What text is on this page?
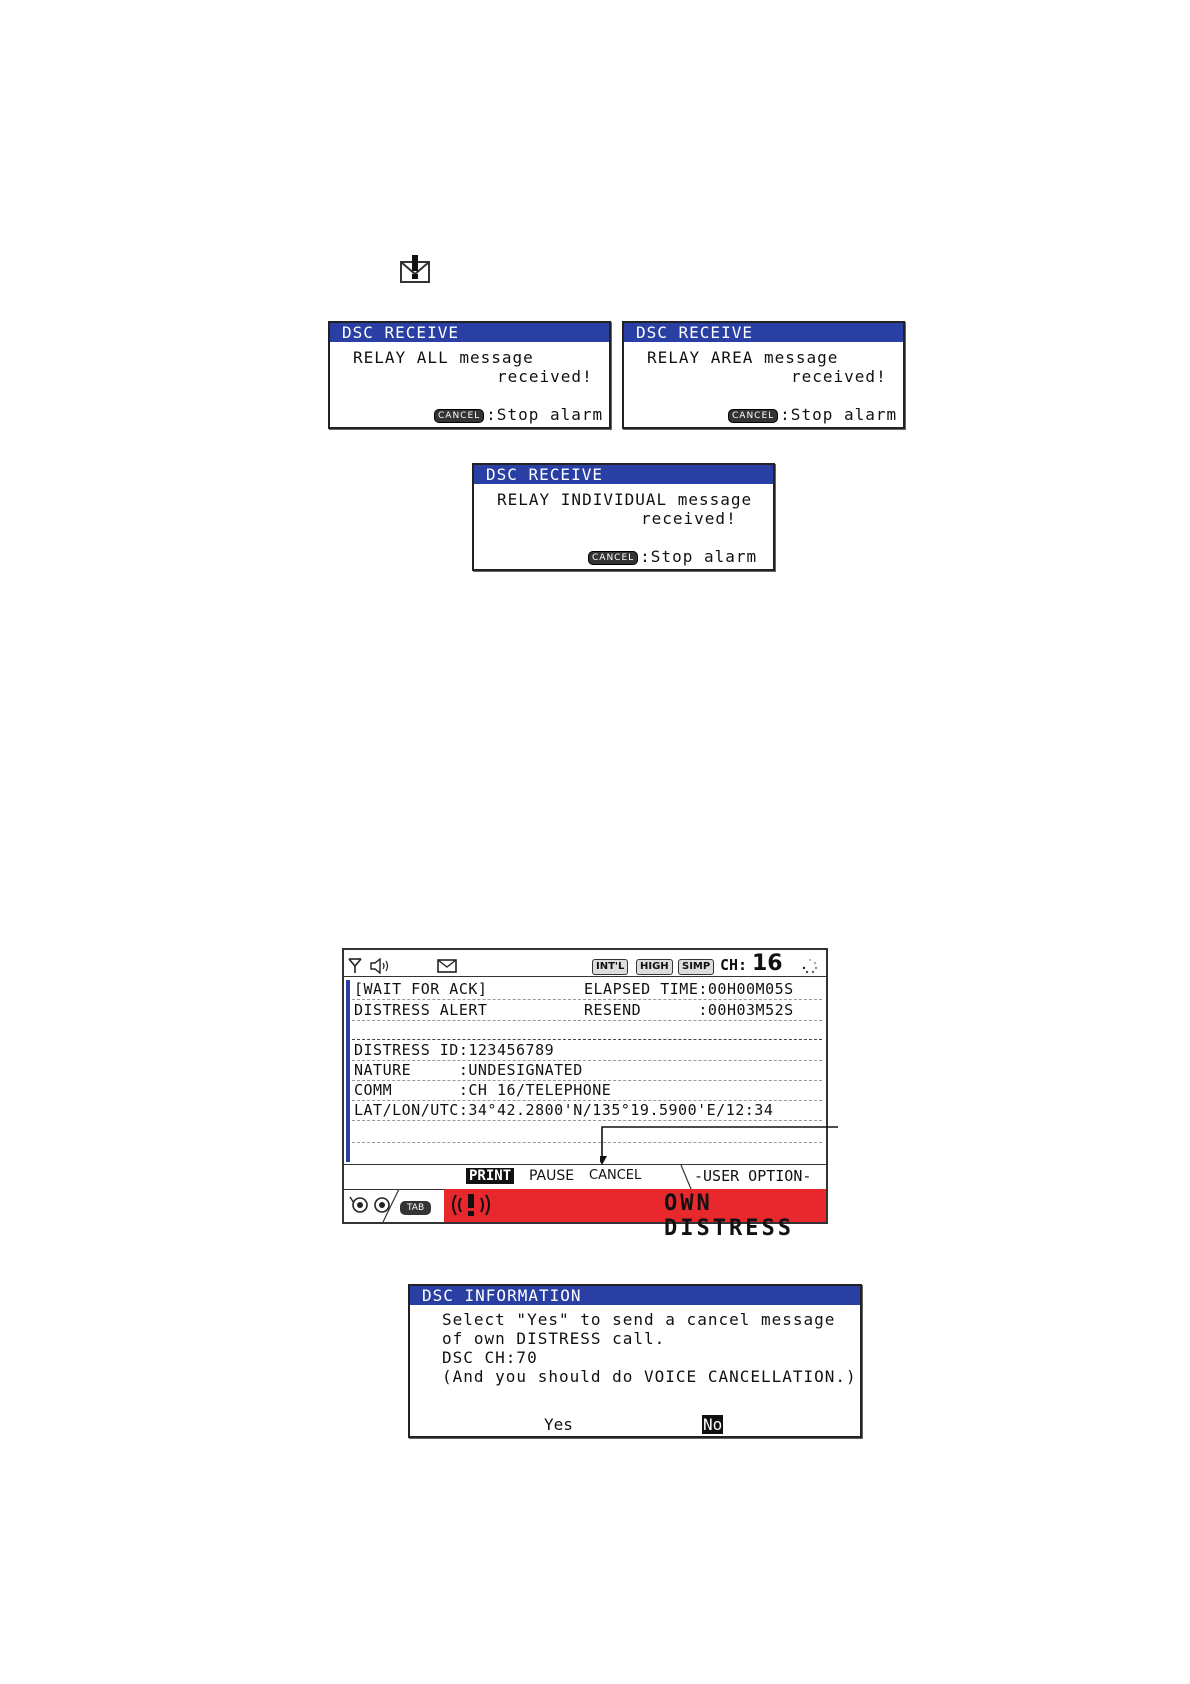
DSC RECEIVE
RELAY ALL message
received!
CANCEL :Stop alarm
DSC RECEIVE
RELAY AREA message
received!
CANCEL :Stop alarm
DSC RECEIVE
RELAY INDIVIDUAL message
received!
CANCEL :Stop alarm
INT'L	HIGH	SIMP CH: 16
[WAIT FOR ACK]	ELAPSED TIME:00H00M05S
DISTRESS ALERT	RESEND      :00H03M52S
DISTRESS ID:123456789
NATURE     :UNDESIGNATED
COMM       :CH 16/TELEPHONE
LAT/LON/UTC:34°42.2800'N/135°19.5900'E/12:34
PRINT PAUSE CANCEL	-USER OPTION-
TAB	OWN DISTRESS
DSC INFORMATION
Select "Yes" to send a cancel message
of own DISTRESS call.
DSC CH:70
(And you should do VOICE CANCELLATION.)
Yes	No
